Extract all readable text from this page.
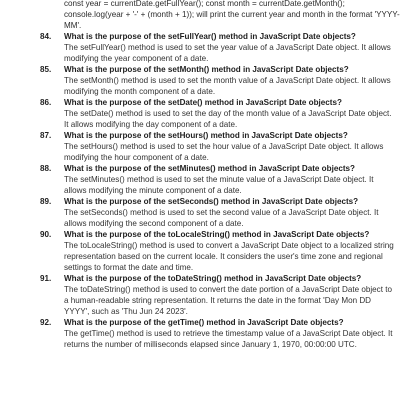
const year = currentDate.getFullYear(); const month = currentDate.getMonth(); console.log(year + '-' + (month + 1)); will print the current year and month in the format 'YYYY-MM'.
84. What is the purpose of the setFullYear() method in JavaScript Date objects?
The setFullYear() method is used to set the year value of a JavaScript Date object. It allows modifying the year component of a date.
85. What is the purpose of the setMonth() method in JavaScript Date objects?
The setMonth() method is used to set the month value of a JavaScript Date object. It allows modifying the month component of a date.
86. What is the purpose of the setDate() method in JavaScript Date objects?
The setDate() method is used to set the day of the month value of a JavaScript Date object. It allows modifying the day component of a date.
87. What is the purpose of the setHours() method in JavaScript Date objects?
The setHours() method is used to set the hour value of a JavaScript Date object. It allows modifying the hour component of a date.
88. What is the purpose of the setMinutes() method in JavaScript Date objects?
The setMinutes() method is used to set the minute value of a JavaScript Date object. It allows modifying the minute component of a date.
89. What is the purpose of the setSeconds() method in JavaScript Date objects?
The setSeconds() method is used to set the second value of a JavaScript Date object. It allows modifying the second component of a date.
90. What is the purpose of the toLocaleString() method in JavaScript Date objects?
The toLocaleString() method is used to convert a JavaScript Date object to a localized string representation based on the current locale. It considers the user's time zone and regional settings to format the date and time.
91. What is the purpose of the toDateString() method in JavaScript Date objects?
The toDateString() method is used to convert the date portion of a JavaScript Date object to a human-readable string representation. It returns the date in the format 'Day Mon DD YYYY', such as 'Thu Jun 24 2023'.
92. What is the purpose of the getTime() method in JavaScript Date objects?
The getTime() method is used to retrieve the timestamp value of a JavaScript Date object. It returns the number of milliseconds elapsed since January 1, 1970, 00:00:00 UTC.
